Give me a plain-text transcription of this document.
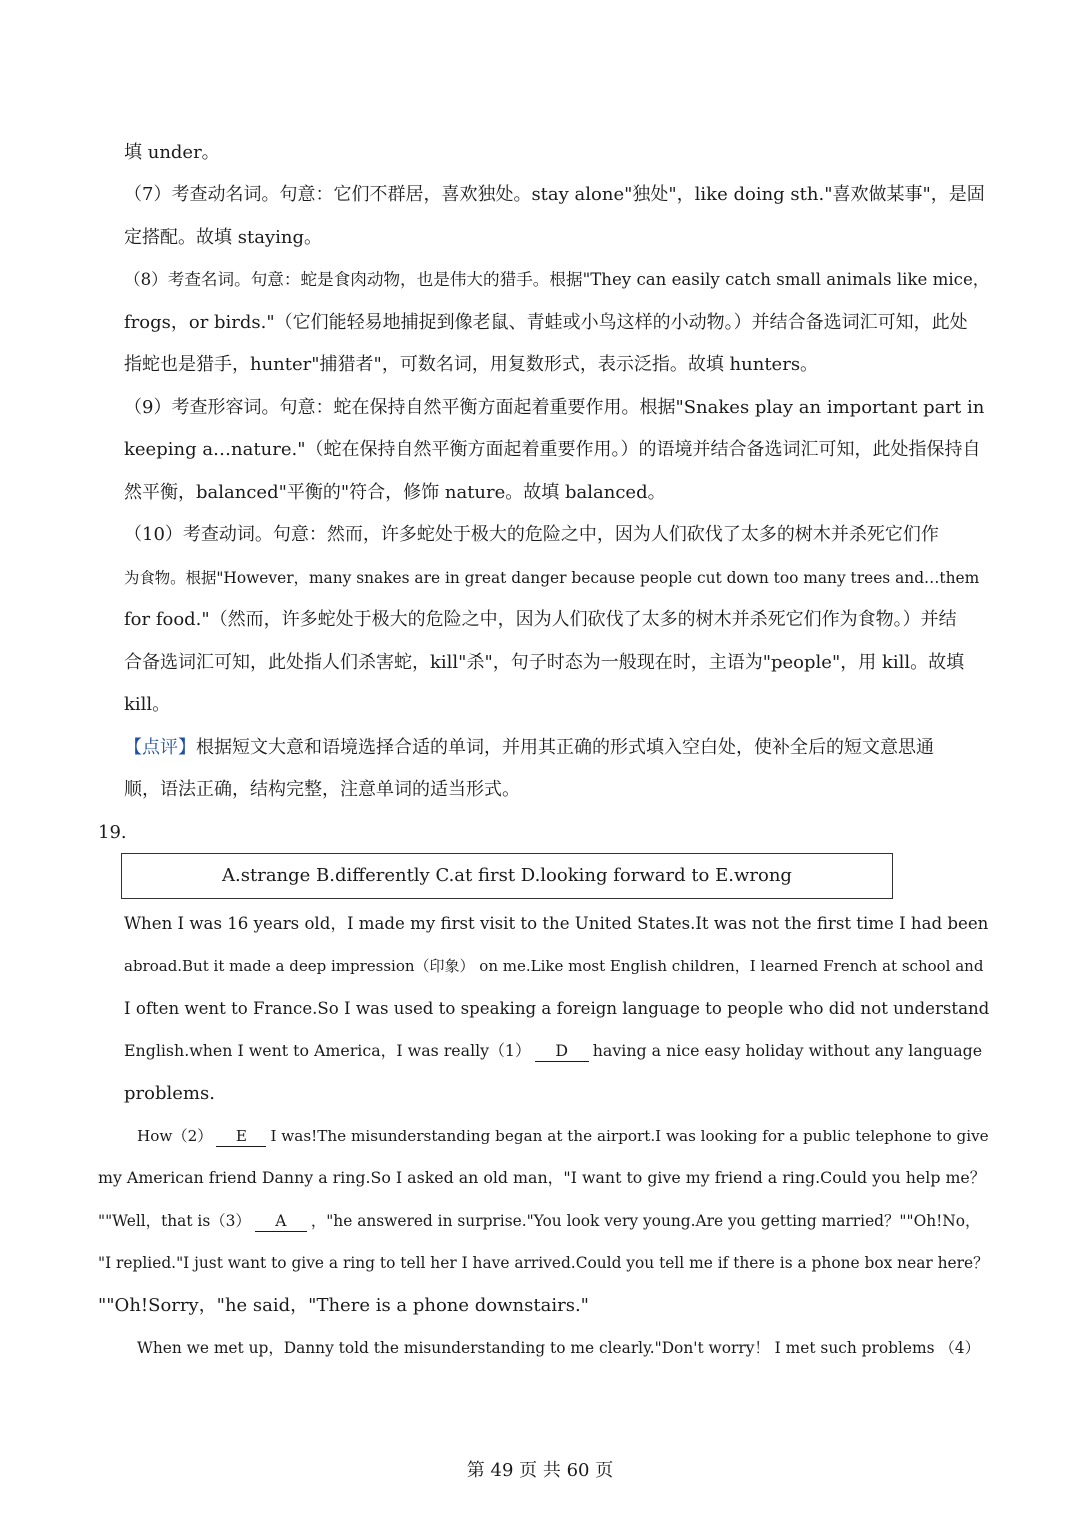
填 under。
（7）考查动名词。句意：它们不群居，喜欢独处。stay alone"独处"，like doing sth."喜欢做某事"，是固
定搭配。故填 staying。
（8）考查名词。句意：蛇是食肉动物，也是伟大的猎手。根据"They can easily catch small animals like mice，
frogs，or birds."（它们能轻易地捕捉到像老鼠、青蛙或小鸟这样的小动物。）并结合备选词汇可知，此处
指蛇也是猎手，hunter"捕猎者"，可数名词，用复数形式，表示泛指。故填 hunters。
（9）考查形容词。句意：蛇在保持自然平衡方面起着重要作用。根据"Snakes play an important part in
keeping a…nature."（蛇在保持自然平衡方面起着重要作用。）的语境并结合备选词汇可知，此处指保持自
然平衡，balanced"平衡的"符合，修饰 nature。故填 balanced。
（10）考查动词。句意：然而，许多蛇处于极大的危险之中，因为人们砍伐了太多的树木并杀死它们作
为食物。根据"However，many snakes are in great danger because people cut down too many trees and…them
for food."（然而，许多蛇处于极大的危险之中，因为人们砍伐了太多的树木并杀死它们作为食物。）并结
合备选词汇可知，此处指人们杀害蛇，kill"杀"，句子时态为一般现在时，主语为"people"，用 kill。故填
kill。
【点评】根据短文大意和语境选择合适的单词，并用其正确的形式填入空白处，使补全后的短文意思通
顺，语法正确，结构完整，注意单词的适当形式。
19.
A.strange B.differently C.at first D.looking forward to E.wrong
When I was 16 years old，I made my first visit to the United States.It was not the first time I had been
abroad.But it made a deep impression（印象） on me.Like most English children，I learned French at school and
I often went to France.So I was used to speaking a foreign language to people who did not understand
English.when I went to America，I was really（1） D having a nice easy holiday without any language
problems.
How（2） E I was!The misunderstanding began at the airport.I was looking for a public telephone to give
my American friend Danny a ring.So I asked an old man，"I want to give my friend a ring.Could you help me？
""Well，that is（3） A ，"he answered in surprise."You look very young.Are you getting married？""Oh!No，
"I replied."I just want to give a ring to tell her I have arrived.Could you tell me if there is a phone box near here？
""Oh!Sorry，"he said，"There is a phone downstairs."
When we met up，Danny told the misunderstanding to me clearly."Don't worry！ I met such problems （4）
第 49 页 共 60 页
